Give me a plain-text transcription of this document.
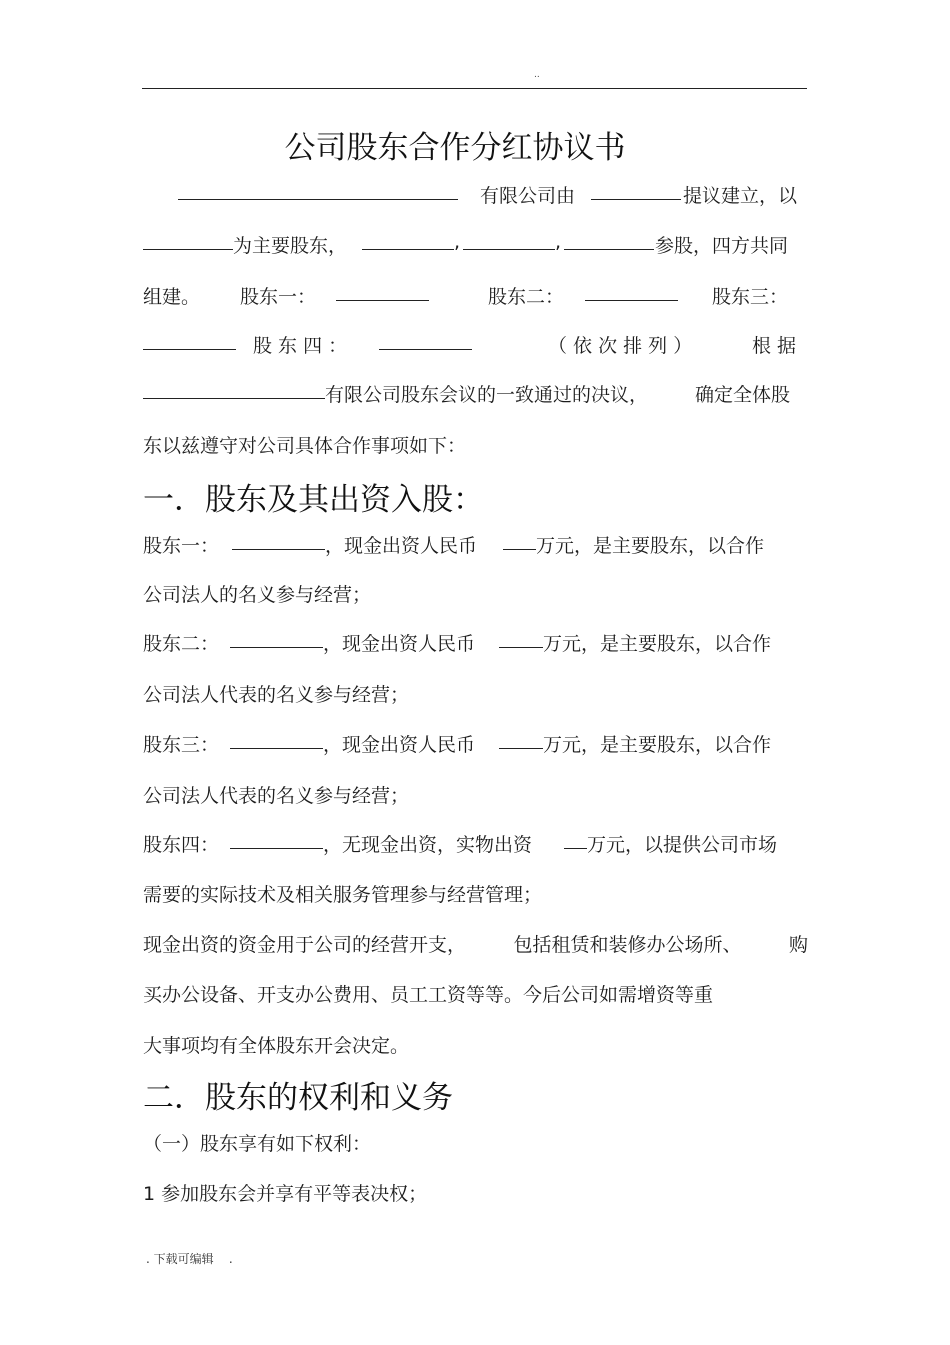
..
公司股东合作分红协议书
有限公司由	提议建立，以
为主要股东，	,	,	参股，四方共同
组建。 股东一：	股东二：	股东三：
股 东 四 ：	（ 依 次 排 列 ）	根 据
有限公司股东会议的一致通过的决议， 确定全体股
东以兹遵守对公司具体合作事项如下：
一．股东及其出资入股：
股东一：	，现金出资人民币	万元，是主要股东，以合作
公司法人的名义参与经营；
股东二：	，现金出资人民币	万元，是主要股东，以合作
公司法人代表的名义参与经营；
股东三：	，现金出资人民币	万元，是主要股东，以合作
公司法人代表的名义参与经营；
股东四：	，无现金出资，实物出资	万元，以提供公司市场
需要的实际技术及相关服务管理参与经营管理；
现金出资的资金用于公司的经营开支， 包括租赁和装修办公场所、 购
买办公设备、开支办公费用、员工工资等等。今后公司如需增资等重
大事项均有全体股东开会决定。
二．股东的权利和义务
（一）股东享有如下权利：
1 参加股东会并享有平等表决权；
. 下载可编辑    .
